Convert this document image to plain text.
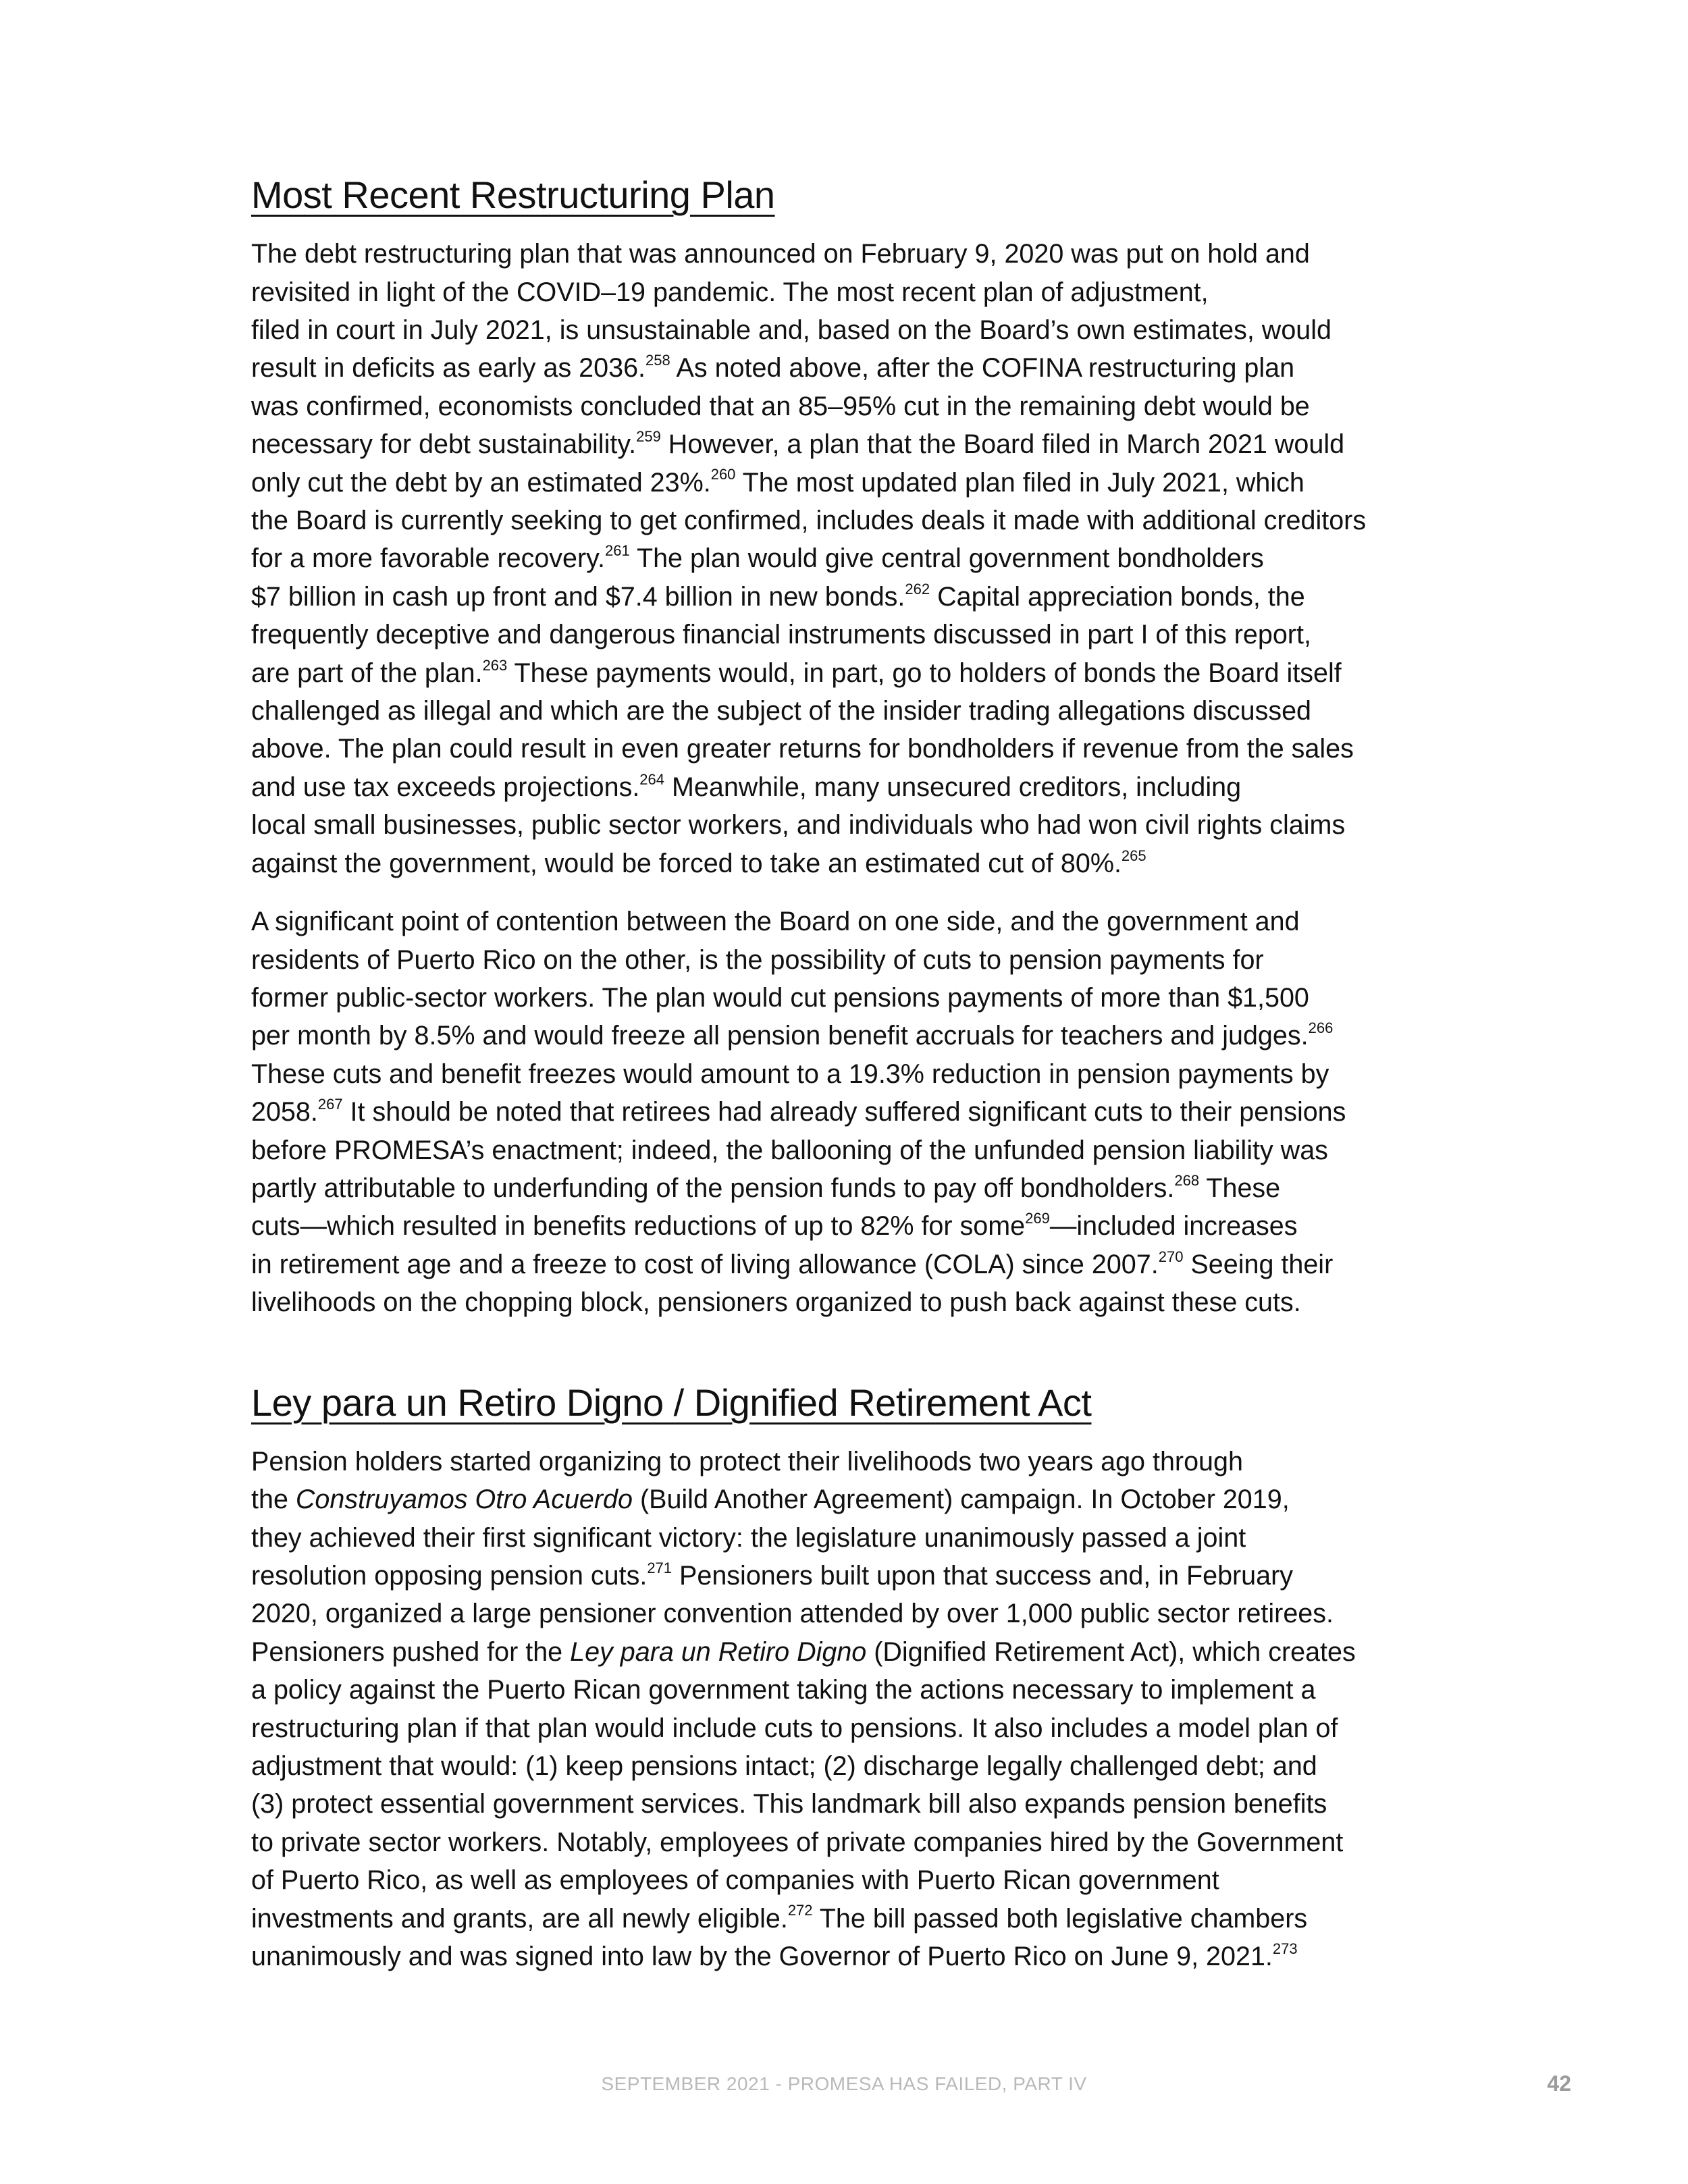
Most Recent Restructuring Plan

The debt restructuring plan that was announced on February 9, 2020 was put on hold and
revisited in light of the COVID–19 pandemic. The most recent plan of adjustment,
filed in court in July 2021, is unsustainable and, based on the Board’s own estimates, would
result in deficits as early as 2036.$^{258}$ As noted above, after the COFINA restructuring plan
was confirmed, economists concluded that an 85–95% cut in the remaining debt would be
necessary for debt sustainability.$^{259}$ However, a plan that the Board filed in March 2021 would
only cut the debt by an estimated 23%.$^{260}$ The most updated plan filed in July 2021, which
the Board is currently seeking to get confirmed, includes deals it made with additional creditors
for a more favorable recovery.$^{261}$ The plan would give central government bondholders
$7 billion in cash up front and $7.4 billion in new bonds.$^{262}$ Capital appreciation bonds, the
frequently deceptive and dangerous financial instruments discussed in part I of this report,
are part of the plan.$^{263}$ These payments would, in part, go to holders of bonds the Board itself
challenged as illegal and which are the subject of the insider trading allegations discussed
above. The plan could result in even greater returns for bondholders if revenue from the sales
and use tax exceeds projections.$^{264}$ Meanwhile, many unsecured creditors, including
local small businesses, public sector workers, and individuals who had won civil rights claims
against the government, would be forced to take an estimated cut of 80%.$^{265}$

A significant point of contention between the Board on one side, and the government and
residents of Puerto Rico on the other, is the possibility of cuts to pension payments for
former public-sector workers. The plan would cut pensions payments of more than $1,500
per month by 8.5% and would freeze all pension benefit accruals for teachers and judges.$^{266}$
These cuts and benefit freezes would amount to a 19.3% reduction in pension payments by
2058.$^{267}$ It should be noted that retirees had already suffered significant cuts to their pensions
before PROMESA’s enactment; indeed, the ballooning of the unfunded pension liability was
partly attributable to underfunding of the pension funds to pay off bondholders.$^{268}$ These
cuts—which resulted in benefits reductions of up to 82% for some$^{269}$—included increases
in retirement age and a freeze to cost of living allowance (COLA) since 2007.$^{270}$ Seeing their
livelihoods on the chopping block, pensioners organized to push back against these cuts.

Ley para un Retiro Digno / Dignified Retirement Act

Pension holders started organizing to protect their livelihoods two years ago through
the Construyamos Otro Acuerdo (Build Another Agreement) campaign. In October 2019,
they achieved their first significant victory: the legislature unanimously passed a joint
resolution opposing pension cuts.$^{271}$ Pensioners built upon that success and, in February
2020, organized a large pensioner convention attended by over 1,000 public sector retirees.
Pensioners pushed for the Ley para un Retiro Digno (Dignified Retirement Act), which creates
a policy against the Puerto Rican government taking the actions necessary to implement a
restructuring plan if that plan would include cuts to pensions. It also includes a model plan of
adjustment that would: (1) keep pensions intact; (2) discharge legally challenged debt; and
(3) protect essential government services. This landmark bill also expands pension benefits
to private sector workers. Notably, employees of private companies hired by the Government
of Puerto Rico, as well as employees of companies with Puerto Rican government
investments and grants, are all newly eligible.$^{272}$ The bill passed both legislative chambers
unanimously and was signed into law by the Governor of Puerto Rico on June 9, 2021.$^{273}$

SEPTEMBER 2021 - PROMESA HAS FAILED, PART IV	42
